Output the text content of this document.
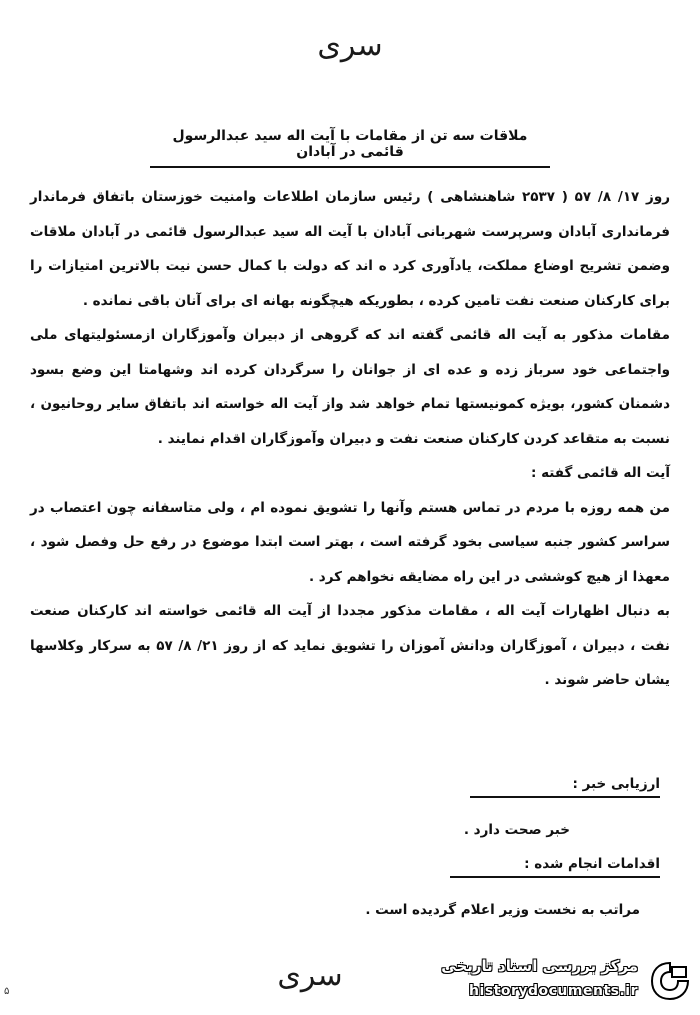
سری
ملاقات سه تن از مقامات با آیت اله سید عبدالرسول قائمی در آبادان

روز ۱۷/ ۸/ ۵۷ ( ۲۵۳۷ شاهنشاهی ) رئیس سازمان اطلاعات وامنیت خوزستان باتفاق فرماندار فرمانداری آبادان وسرپرست شهربانی آبادان با آیت اله سید عبدالرسول قائمی در آبادان ملاقات وضمن تشریح اوضاع مملکت، یادآوری کرد ه اند که دولت با کمال حسن نیت بالاترین امتیازات را برای کارکنان صنعت نفت تامین کرده ، بطوریکه هیچگونه بهانه ای برای آنان باقی نمانده .

مقامات مذکور به آیت اله قائمی گفته اند که گروهی از دبیران وآموزگاران ازمسئولیتهای ملی واجتماعی خود سرباز زده و عده ای از جوانان را سرگردان کرده اند وشهامتا این وضع بسود دشمنان کشور، بویژه کمونیستها تمام خواهد شد واز آیت اله خواسته اند باتفاق سایر روحانیون ، نسبت به متقاعد کردن کارکنان صنعت نفت و دبیران وآموزگاران اقدام نمایند .

آیت اله قائمی گفته :

من همه روزه با مردم در تماس هستم وآنها را تشویق نموده ام ، ولی متاسفانه چون اعتصاب در سراسر کشور جنبه سیاسی بخود گرفته است ، بهتر است ابتدا موضوع در رفع حل وفصل شود ، معهذا از هیچ کوششی در این راه مضایقه نخواهم کرد .

به دنبال اظهارات آیت اله ، مقامات مذکور مجددا از آیت اله قائمی خواسته اند کارکنان صنعت نفت ، دبیران ، آموزگاران ودانش آموزان را تشویق نماید که از روز ۲۱/ ۸/ ۵۷ به سرکار وکلاسها یشان حاضر شوند .

ارزیابی خبر :
خبر صحت دارد .
اقدامات انجام شده :
مراتب به نخست وزیر اعلام گردیده است .
۵	سری	مرکز بررسی اسناد تاریخی
historydocuments.ir
